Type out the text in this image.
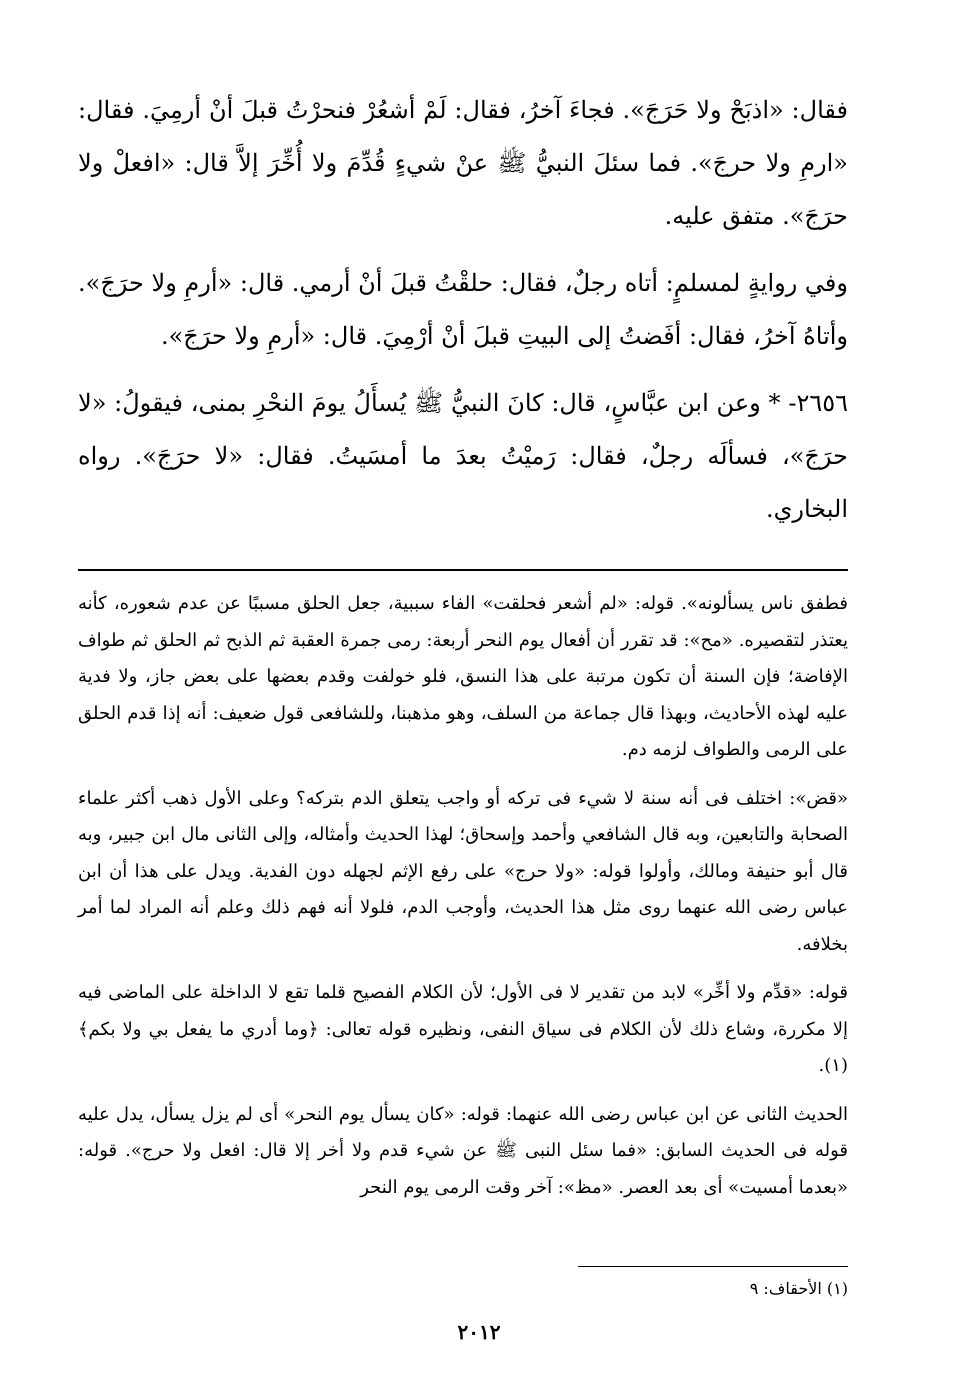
فقال: «اذبَحْ ولا حَرَجَ». فجاءَ آخرُ، فقال: لَمْ أشعُرْ فنحرْتُ قبلَ أنْ أرمِيَ. فقال: «ارمِ ولا حرجَ». فما سئلَ النبيُّ ﷺ عنْ شيءٍ قُدِّمَ ولا أُخِّرَ إلاَّ قال: «افعلْ ولا حرَجَ». متفق عليه.

وفي روايةٍ لمسلمٍ: أتاه رجلٌ، فقال: حلقْتُ قبلَ أنْ أرمي. قال: «أرمِ ولا حرَجَ». وأتاهُ آخرُ، فقال: أفَضتُ إلى البيتِ قبلَ أنْ أرْمِيَ. قال: «أرمِ ولا حرَجَ».

٢٦٥٦- * وعن ابن عبَّاسٍ، قال: كانَ النبيُّ ﷺ يُسأَلُ يومَ النحْرِ بمنى، فيقولُ: «لا حرَجَ»، فسألَه رجلٌ، فقال: رَميْتُ بعدَ ما أمسَيتُ. فقال: «لا حرَجَ». رواه البخاري.

فطفق ناس يسألونه». قوله: «لم أشعر فحلقت» الفاء سببية، جعل الحلق مسببًا عن عدم شعوره، كأنه يعتذر لتقصيره. «مح»: قد تقرر أن أفعال يوم النحر أربعة: رمى جمرة العقبة ثم الذبح ثم الحلق ثم طواف الإفاضة؛ فإن السنة أن تكون مرتبة على هذا النسق، فلو خولفت وقدم بعضها على بعض جاز، ولا فدية عليه لهذه الأحاديث، وبهذا قال جماعة من السلف، وهو مذهبنا، وللشافعى قول ضعيف: أنه إذا قدم الحلق على الرمى والطواف لزمه دم.

«قض»: اختلف فى أنه سنة لا شيء فى تركه أو واجب يتعلق الدم بتركه؟ وعلى الأول ذهب أكثر علماء الصحابة والتابعين، وبه قال الشافعي وأحمد وإسحاق؛ لهذا الحديث وأمثاله، وإلى الثانى مال ابن جبير، وبه قال أبو حنيفة ومالك، وأولوا قوله: «ولا حرج» على رفع الإثم لجهله دون الفدية. ويدل على هذا أن ابن عباس رضى الله عنهما روى مثل هذا الحديث، وأوجب الدم، فلولا أنه فهم ذلك وعلم أنه المراد لما أمر بخلافه.

قوله: «قدِّم ولا أخِّر» لابد من تقدير لا فى الأول؛ لأن الكلام الفصيح قلما تقع لا الداخلة على الماضى فيه إلا مكررة، وشاع ذلك لأن الكلام فى سياق النفى، ونظيره قوله تعالى: ﴿وما أدري ما يفعل بي ولا بكم﴾(١).

الحديث الثانى عن ابن عباس رضى الله عنهما: قوله: «كان يسأل يوم النحر» أى لم يزل يسأل، يدل عليه قوله فى الحديث السابق: «فما سئل النبى ﷺ عن شيء قدم ولا أخر إلا قال: افعل ولا حرج». قوله: «بعدما أمسيت» أى بعد العصر. «مظ»: آخر وقت الرمى يوم النحر

(١) الأحقاف: ٩
٢٠١٢
